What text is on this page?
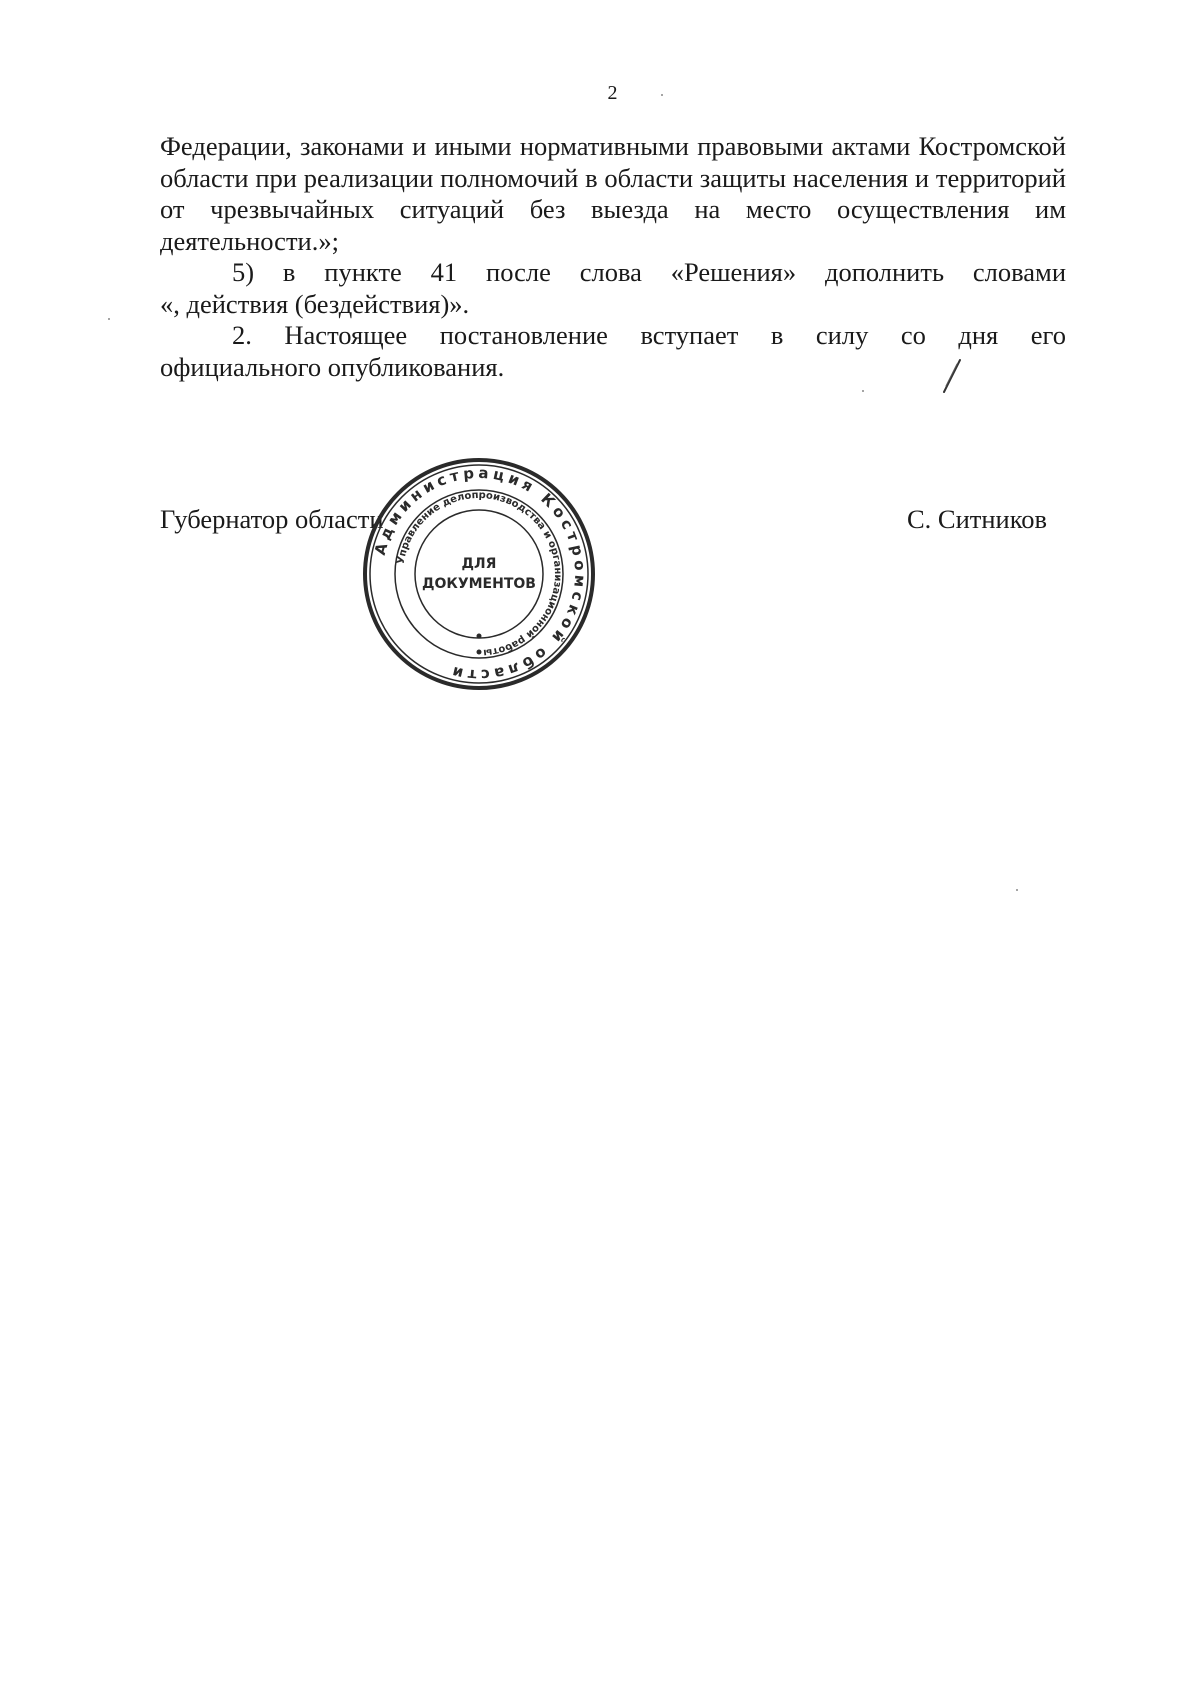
2

Федерации, законами и иными нормативными правовыми актами Костромской области при реализации полномочий в области защиты населения и территорий от чрезвычайных ситуаций без выезда на место осуществления им деятельности.»;

5) в пункте 41 после слова «Решения» дополнить словами

«, действия (бездействия)».

2. Настоящее постановление вступает в силу со дня его

официального опубликования.

Губернатор области	С. Ситников
Администрация Костромской области
Управление делопроизводства и организационной работы
ДЛЯ
ДОКУМЕНТОВ
